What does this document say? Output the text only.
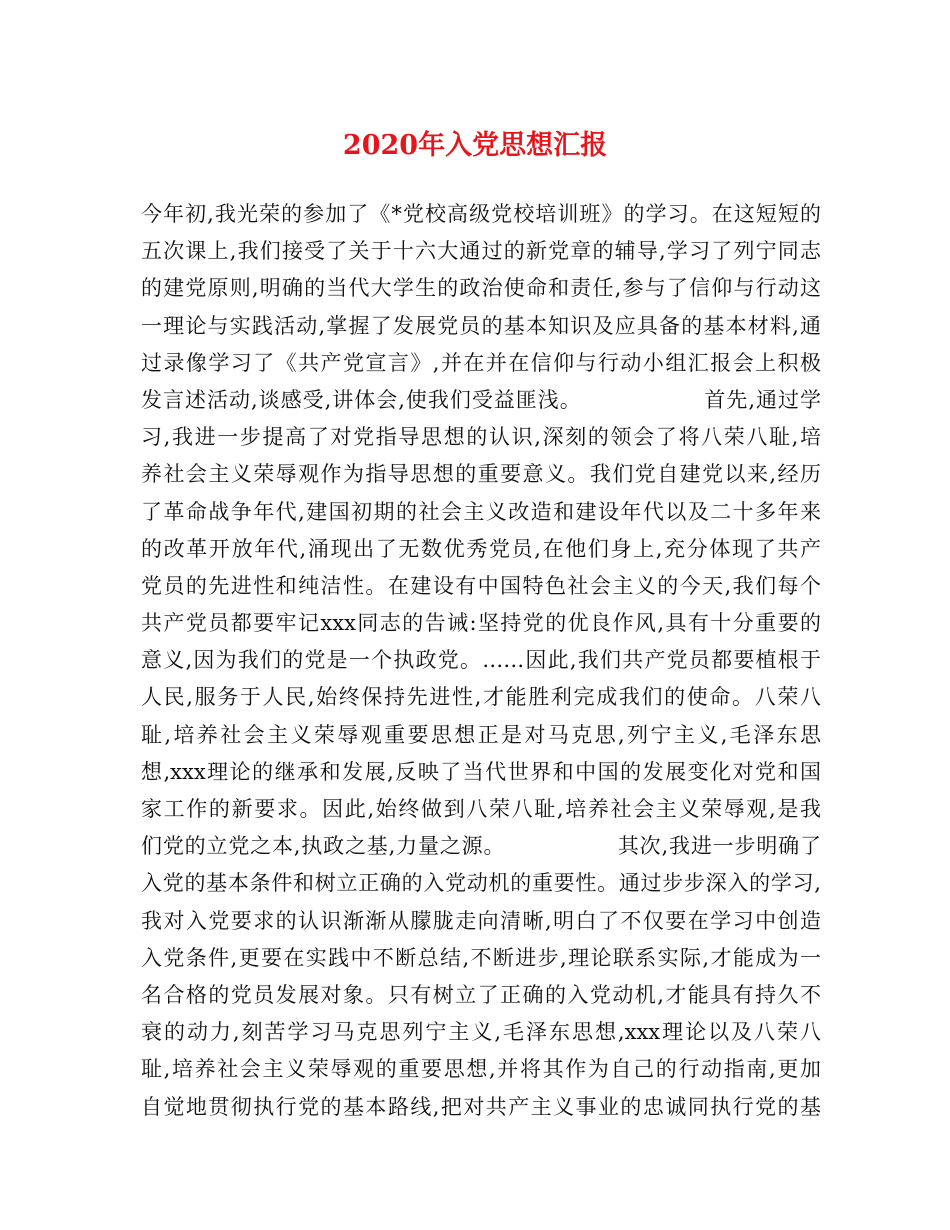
2020年入党思想汇报
今年初,我光荣的参加了《*党校高级党校培训班》的学习。在这短短的
五次课上,我们接受了关于十六大通过的新党章的辅导,学习了列宁同志
的建党原则,明确的当代大学生的政治使命和责任,参与了信仰与行动这
一理论与实践活动,掌握了发展党员的基本知识及应具备的基本材料,通
过录像学习了《共产党宣言》,并在并在信仰与行动小组汇报会上积极
发言述活动,谈感受,讲体会,使我们受益匪浅。                首先,通过学
习,我进一步提高了对党指导思想的认识,深刻的领会了将八荣八耻,培
养社会主义荣辱观作为指导思想的重要意义。我们党自建党以来,经历
了革命战争年代,建国初期的社会主义改造和建设年代以及二十多年来
的改革开放年代,涌现出了无数优秀党员,在他们身上,充分体现了共产
党员的先进性和纯洁性。在建设有中国特色社会主义的今天,我们每个
共产党员都要牢记xxx同志的告诫:坚持党的优良作风,具有十分重要的
意义,因为我们的党是一个执政党。……因此,我们共产党员都要植根于
人民,服务于人民,始终保持先进性,才能胜利完成我们的使命。八荣八
耻,培养社会主义荣辱观重要思想正是对马克思,列宁主义,毛泽东思
想,xxx理论的继承和发展,反映了当代世界和中国的发展变化对党和国
家工作的新要求。因此,始终做到八荣八耻,培养社会主义荣辱观,是我
们党的立党之本,执政之基,力量之源。               其次,我进一步明确了
入党的基本条件和树立正确的入党动机的重要性。通过步步深入的学习,
我对入党要求的认识渐渐从朦胧走向清晰,明白了不仅要在学习中创造
入党条件,更要在实践中不断总结,不断进步,理论联系实际,才能成为一
名合格的党员发展对象。只有树立了正确的入党动机,才能具有持久不
衰的动力,刻苦学习马克思列宁主义,毛泽东思想,xxx理论以及八荣八
耻,培养社会主义荣辱观的重要思想,并将其作为自己的行动指南,更加
自觉地贯彻执行党的基本路线,把对共产主义事业的忠诚同执行党的基
